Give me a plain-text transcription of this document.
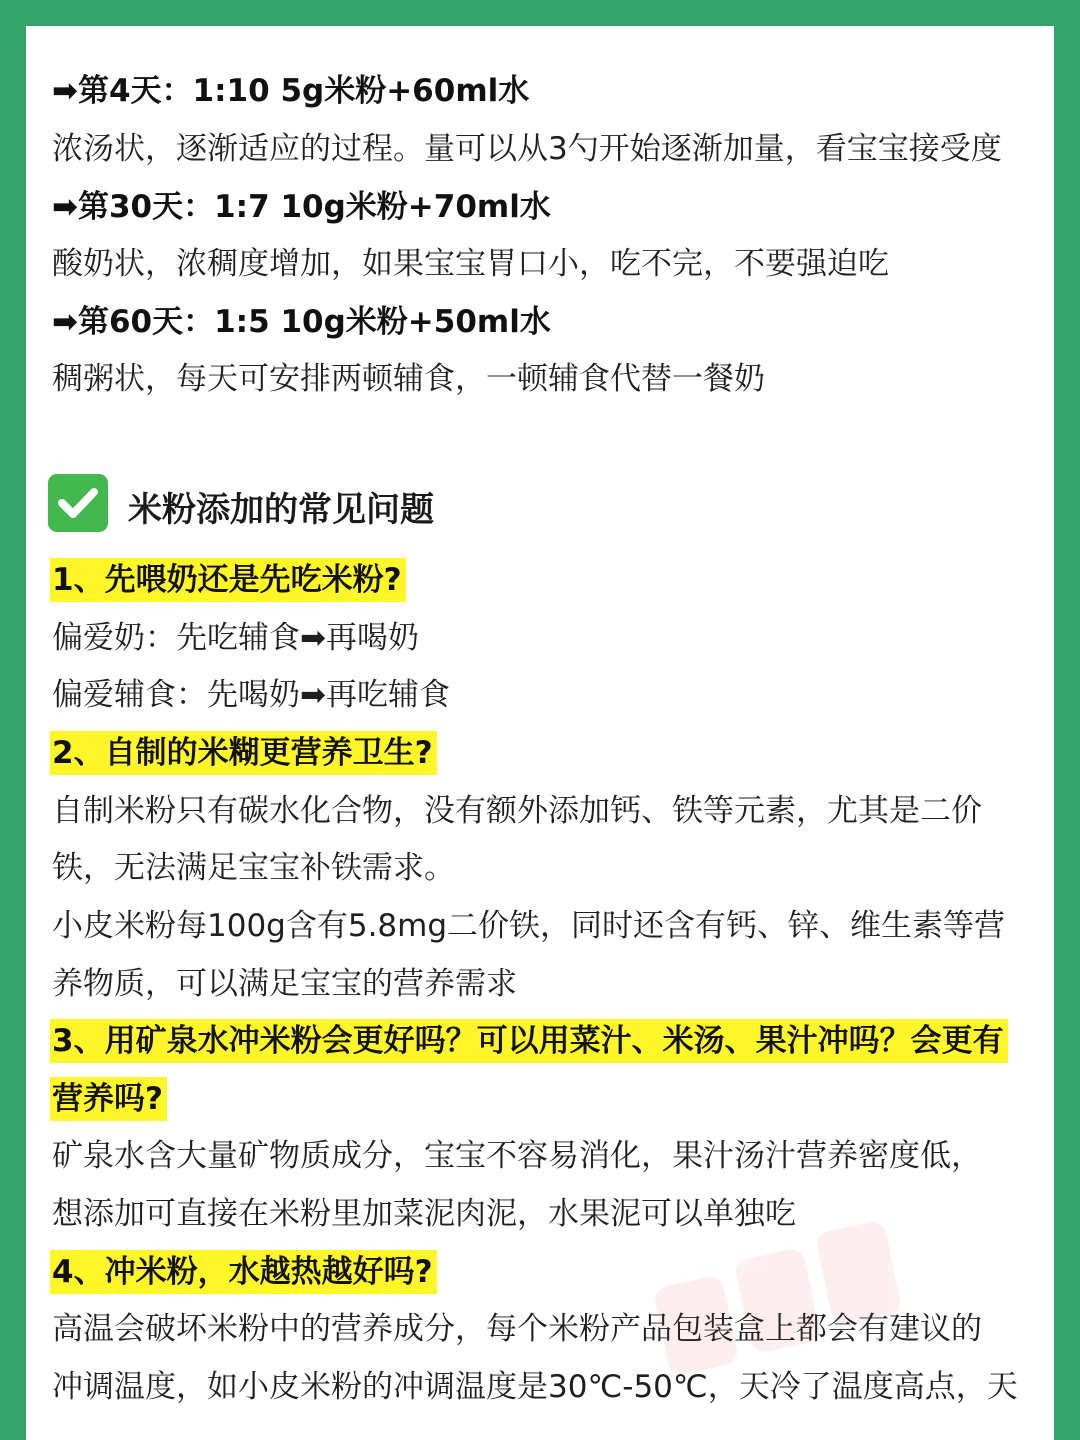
➡第4天：1:10 5g米粉+60ml水
浓汤状，逐渐适应的过程。量可以从3勺开始逐渐加量，看宝宝接受度
➡第30天：1:7 10g米粉+70ml水
酸奶状，浓稠度增加，如果宝宝胃口小，吃不完，不要强迫吃
➡第60天：1:5 10g米粉+50ml水
稠粥状，每天可安排两顿辅食，一顿辅食代替一餐奶
米粉添加的常见问题
1、先喂奶还是先吃米粉?
偏爱奶：先吃辅食➡再喝奶
偏爱辅食：先喝奶➡再吃辅食
2、自制的米糊更营养卫生?
自制米粉只有碳水化合物，没有额外添加钙、铁等元素，尤其是二价
铁，无法满足宝宝补铁需求。
小皮米粉每100g含有5.8mg二价铁，同时还含有钙、锌、维生素等营
养物质，可以满足宝宝的营养需求
3、用矿泉水冲米粉会更好吗？可以用菜汁、米汤、果汁冲吗？会更有
营养吗?
矿泉水含大量矿物质成分，宝宝不容易消化，果汁汤汁营养密度低，
想添加可直接在米粉里加菜泥肉泥，水果泥可以单独吃
4、冲米粉，水越热越好吗?
高温会破坏米粉中的营养成分，每个米粉产品包装盒上都会有建议的
冲调温度，如小皮米粉的冲调温度是30℃-50℃，天冷了温度高点，天
